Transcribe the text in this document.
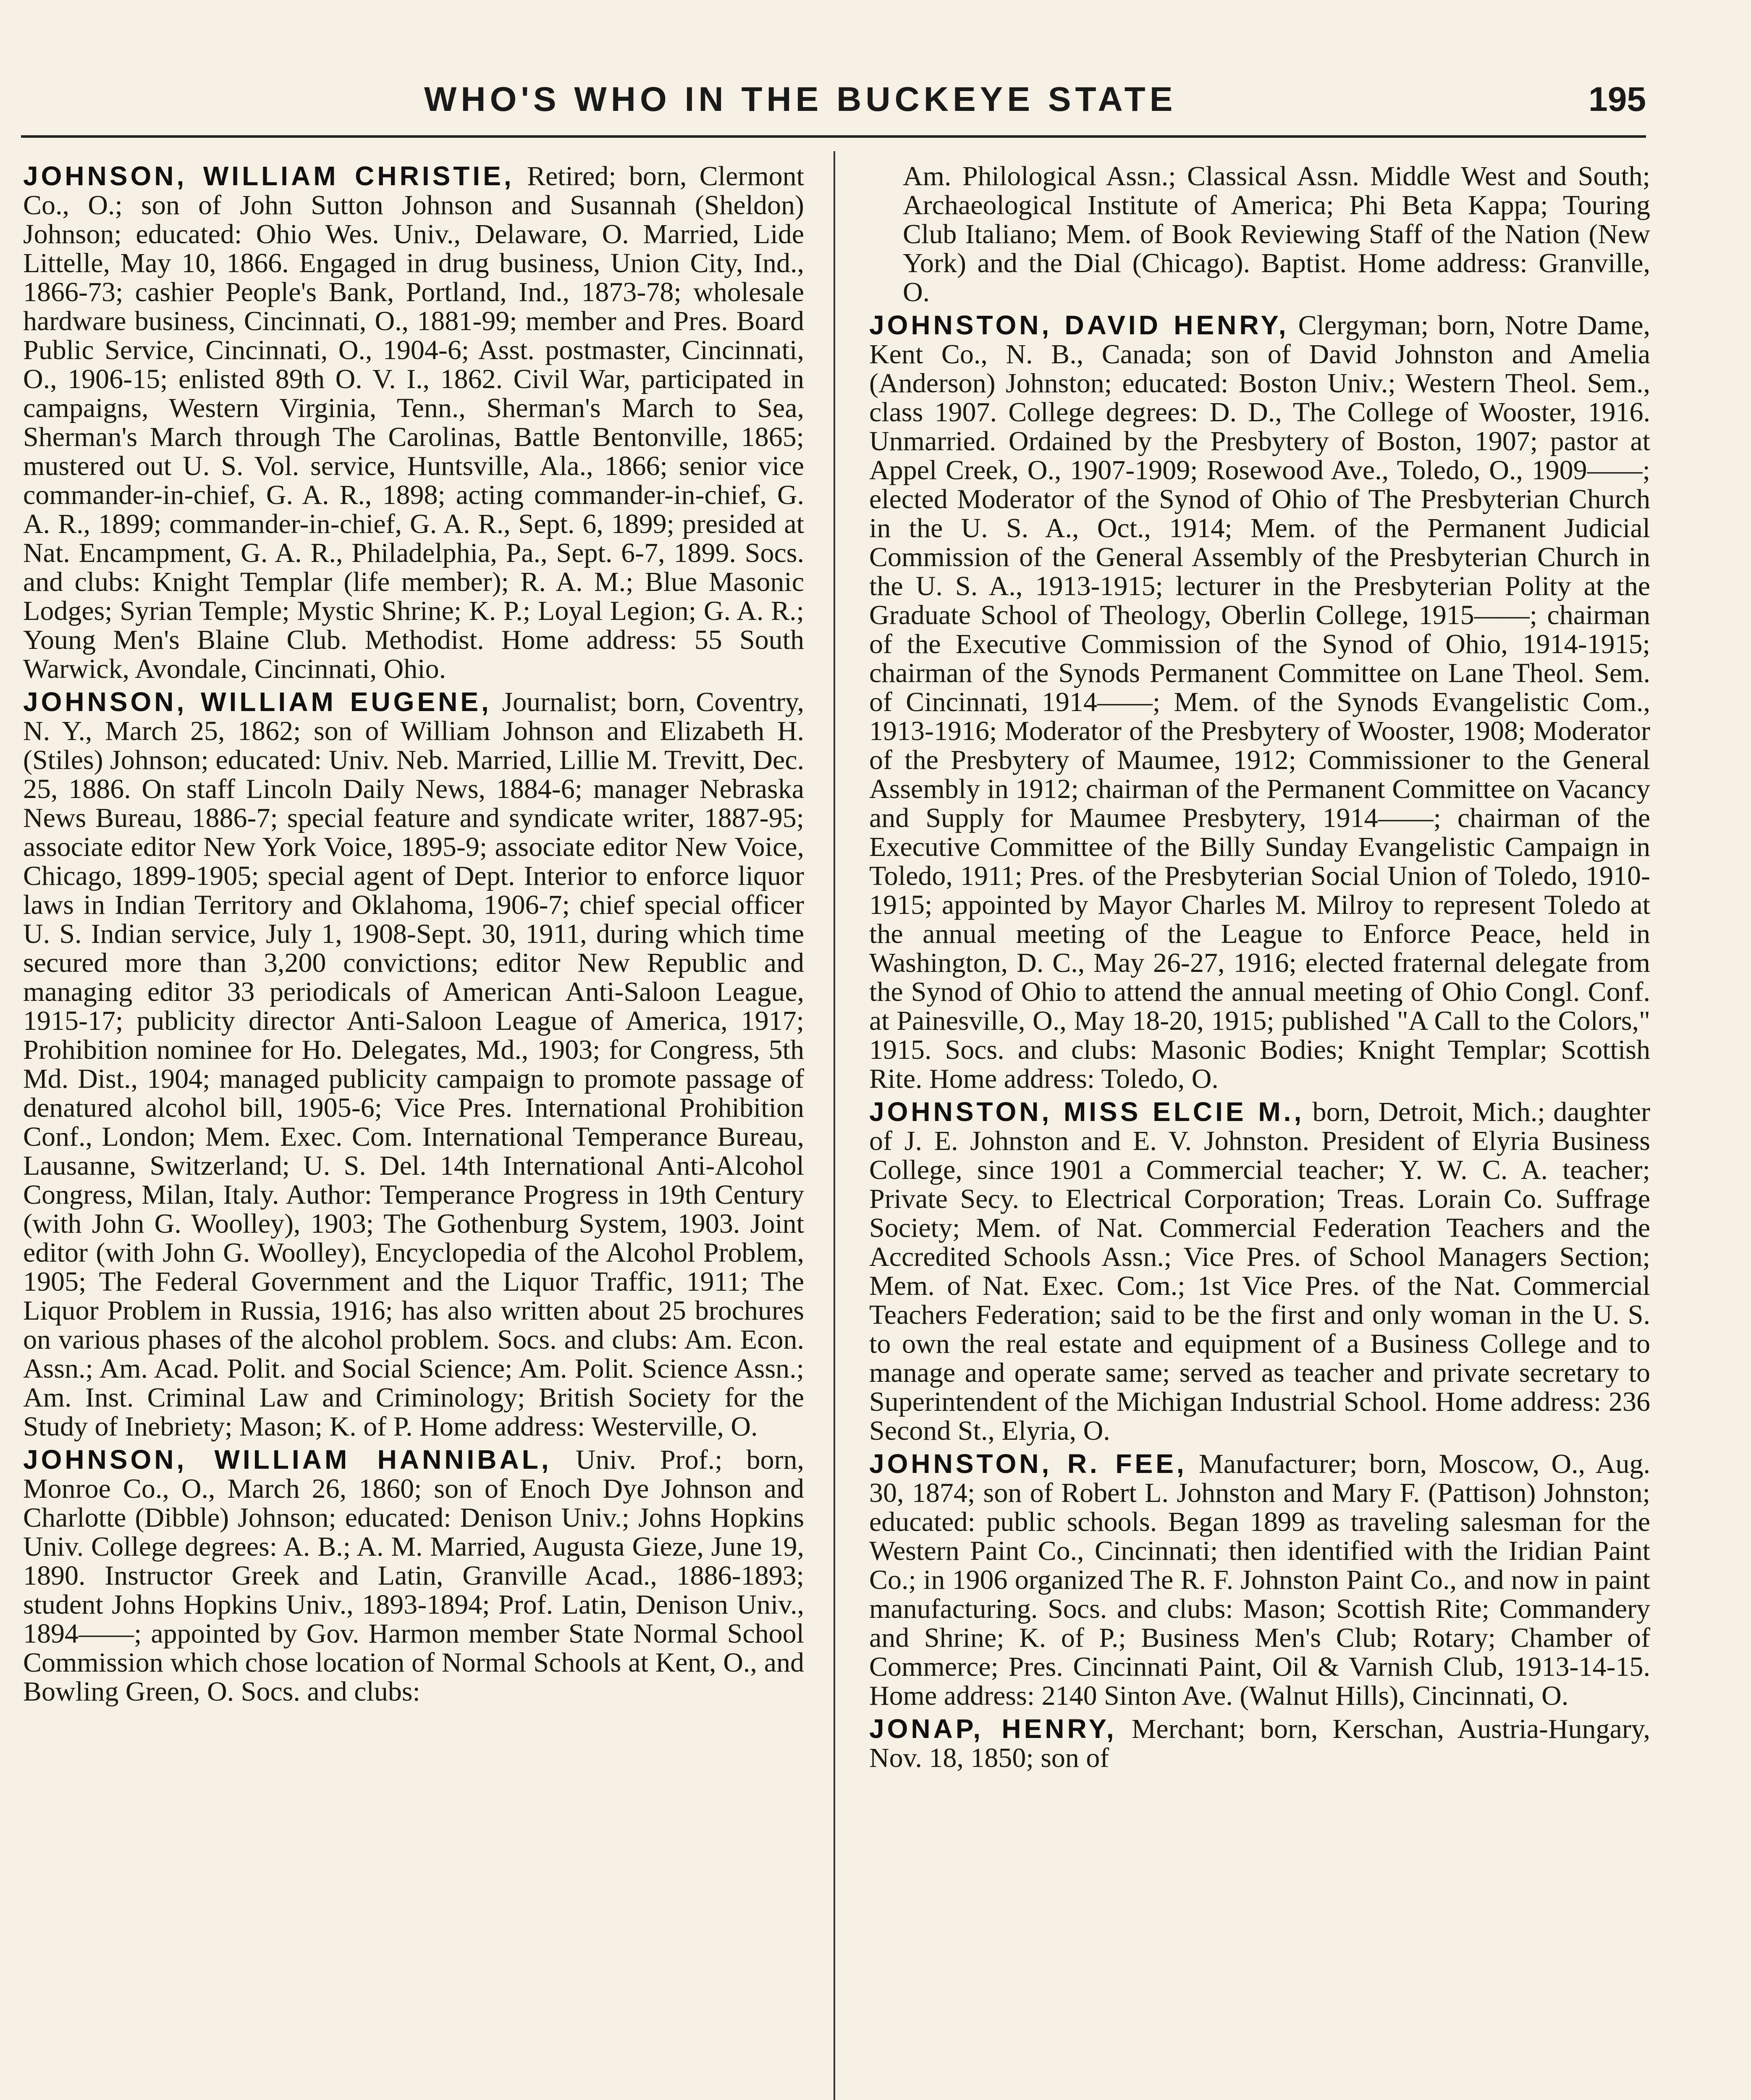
WHO'S WHO IN THE BUCKEYE STATE	195

JOHNSON, WILLIAM CHRISTIE, Retired; born, Clermont Co., O.; son of John Sutton Johnson and Susannah (Sheldon) Johnson; educated: Ohio Wes. Univ., Delaware, O. Married, Lide Littelle, May 10, 1866. Engaged in drug business, Union City, Ind., 1866-73; cashier People's Bank, Portland, Ind., 1873-78; wholesale hardware business, Cincinnati, O., 1881-99; member and Pres. Board Public Service, Cincinnati, O., 1904-6; Asst. postmaster, Cincinnati, O., 1906-15; enlisted 89th O. V. I., 1862. Civil War, participated in campaigns, Western Virginia, Tenn., Sherman's March to Sea, Sherman's March through The Carolinas, Battle Bentonville, 1865; mustered out U. S. Vol. service, Huntsville, Ala., 1866; senior vice commander-in-chief, G. A. R., 1898; acting commander-in-chief, G. A. R., 1899; commander-in-chief, G. A. R., Sept. 6, 1899; presided at Nat. Encampment, G. A. R., Philadelphia, Pa., Sept. 6-7, 1899. Socs. and clubs: Knight Templar (life member); R. A. M.; Blue Masonic Lodges; Syrian Temple; Mystic Shrine; K. P.; Loyal Legion; G. A. R.; Young Men's Blaine Club. Methodist. Home address: 55 South Warwick, Avondale, Cincinnati, Ohio.

JOHNSON, WILLIAM EUGENE, Journalist; born, Coventry, N. Y., March 25, 1862; son of William Johnson and Elizabeth H. (Stiles) Johnson; educated: Univ. Neb. Married, Lillie M. Trevitt, Dec. 25, 1886. On staff Lincoln Daily News, 1884-6; manager Nebraska News Bureau, 1886-7; special feature and syndicate writer, 1887-95; associate editor New York Voice, 1895-9; associate editor New Voice, Chicago, 1899-1905; special agent of Dept. Interior to enforce liquor laws in Indian Territory and Oklahoma, 1906-7; chief special officer U. S. Indian service, July 1, 1908-Sept. 30, 1911, during which time secured more than 3,200 convictions; editor New Republic and managing editor 33 periodicals of American Anti-Saloon League, 1915-17; publicity director Anti-Saloon League of America, 1917; Prohibition nominee for Ho. Delegates, Md., 1903; for Congress, 5th Md. Dist., 1904; managed publicity campaign to promote passage of denatured alcohol bill, 1905-6; Vice Pres. International Prohibition Conf., London; Mem. Exec. Com. International Temperance Bureau, Lausanne, Switzerland; U. S. Del. 14th International Anti-Alcohol Congress, Milan, Italy. Author: Temperance Progress in 19th Century (with John G. Woolley), 1903; The Gothenburg System, 1903. Joint editor (with John G. Woolley), Encyclopedia of the Alcohol Problem, 1905; The Federal Government and the Liquor Traffic, 1911; The Liquor Problem in Russia, 1916; has also written about 25 brochures on various phases of the alcohol problem. Socs. and clubs: Am. Econ. Assn.; Am. Acad. Polit. and Social Science; Am. Polit. Science Assn.; Am. Inst. Criminal Law and Criminology; British Society for the Study of Inebriety; Mason; K. of P. Home address: Westerville, O.

JOHNSON, WILLIAM HANNIBAL, Univ. Prof.; born, Monroe Co., O., March 26, 1860; son of Enoch Dye Johnson and Charlotte (Dibble) Johnson; educated: Denison Univ.; Johns Hopkins Univ. College degrees: A. B.; A. M. Married, Augusta Gieze, June 19, 1890. Instructor Greek and Latin, Granville Acad., 1886-1893; student Johns Hopkins Univ., 1893-1894; Prof. Latin, Denison Univ., 1894——; appointed by Gov. Harmon member State Normal School Commission which chose location of Normal Schools at Kent, O., and Bowling Green, O. Socs. and clubs:

Am. Philological Assn.; Classical Assn. Middle West and South; Archaeological Institute of America; Phi Beta Kappa; Touring Club Italiano; Mem. of Book Reviewing Staff of the Nation (New York) and the Dial (Chicago). Baptist. Home address: Granville, O.

JOHNSTON, DAVID HENRY, Clergyman; born, Notre Dame, Kent Co., N. B., Canada; son of David Johnston and Amelia (Anderson) Johnston; educated: Boston Univ.; Western Theol. Sem., class 1907. College degrees: D. D., The College of Wooster, 1916. Unmarried. Ordained by the Presbytery of Boston, 1907; pastor at Appel Creek, O., 1907-1909; Rosewood Ave., Toledo, O., 1909——; elected Moderator of the Synod of Ohio of The Presbyterian Church in the U. S. A., Oct., 1914; Mem. of the Permanent Judicial Commission of the General Assembly of the Presbyterian Church in the U. S. A., 1913-1915; lecturer in the Presbyterian Polity at the Graduate School of Theology, Oberlin College, 1915——; chairman of the Executive Commission of the Synod of Ohio, 1914-1915; chairman of the Synods Permanent Committee on Lane Theol. Sem. of Cincinnati, 1914——; Mem. of the Synods Evangelistic Com., 1913-1916; Moderator of the Presbytery of Wooster, 1908; Moderator of the Presbytery of Maumee, 1912; Commissioner to the General Assembly in 1912; chairman of the Permanent Committee on Vacancy and Supply for Maumee Presbytery, 1914——; chairman of the Executive Committee of the Billy Sunday Evangelistic Campaign in Toledo, 1911; Pres. of the Presbyterian Social Union of Toledo, 1910-1915; appointed by Mayor Charles M. Milroy to represent Toledo at the annual meeting of the League to Enforce Peace, held in Washington, D. C., May 26-27, 1916; elected fraternal delegate from the Synod of Ohio to attend the annual meeting of Ohio Congl. Conf. at Painesville, O., May 18-20, 1915; published "A Call to the Colors," 1915. Socs. and clubs: Masonic Bodies; Knight Templar; Scottish Rite. Home address: Toledo, O.

JOHNSTON, MISS ELCIE M., born, Detroit, Mich.; daughter of J. E. Johnston and E. V. Johnston. President of Elyria Business College, since 1901 a Commercial teacher; Y. W. C. A. teacher; Private Secy. to Electrical Corporation; Treas. Lorain Co. Suffrage Society; Mem. of Nat. Commercial Federation Teachers and the Accredited Schools Assn.; Vice Pres. of School Managers Section; Mem. of Nat. Exec. Com.; 1st Vice Pres. of the Nat. Commercial Teachers Federation; said to be the first and only woman in the U. S. to own the real estate and equipment of a Business College and to manage and operate same; served as teacher and private secretary to Superintendent of the Michigan Industrial School. Home address: 236 Second St., Elyria, O.

JOHNSTON, R. FEE, Manufacturer; born, Moscow, O., Aug. 30, 1874; son of Robert L. Johnston and Mary F. (Pattison) Johnston; educated: public schools. Began 1899 as traveling salesman for the Western Paint Co., Cincinnati; then identified with the Iridian Paint Co.; in 1906 organized The R. F. Johnston Paint Co., and now in paint manufacturing. Socs. and clubs: Mason; Scottish Rite; Commandery and Shrine; K. of P.; Business Men's Club; Rotary; Chamber of Commerce; Pres. Cincinnati Paint, Oil & Varnish Club, 1913-14-15. Home address: 2140 Sinton Ave. (Walnut Hills), Cincinnati, O.

JONAP, HENRY, Merchant; born, Kerschan, Austria-Hungary, Nov. 18, 1850; son of
